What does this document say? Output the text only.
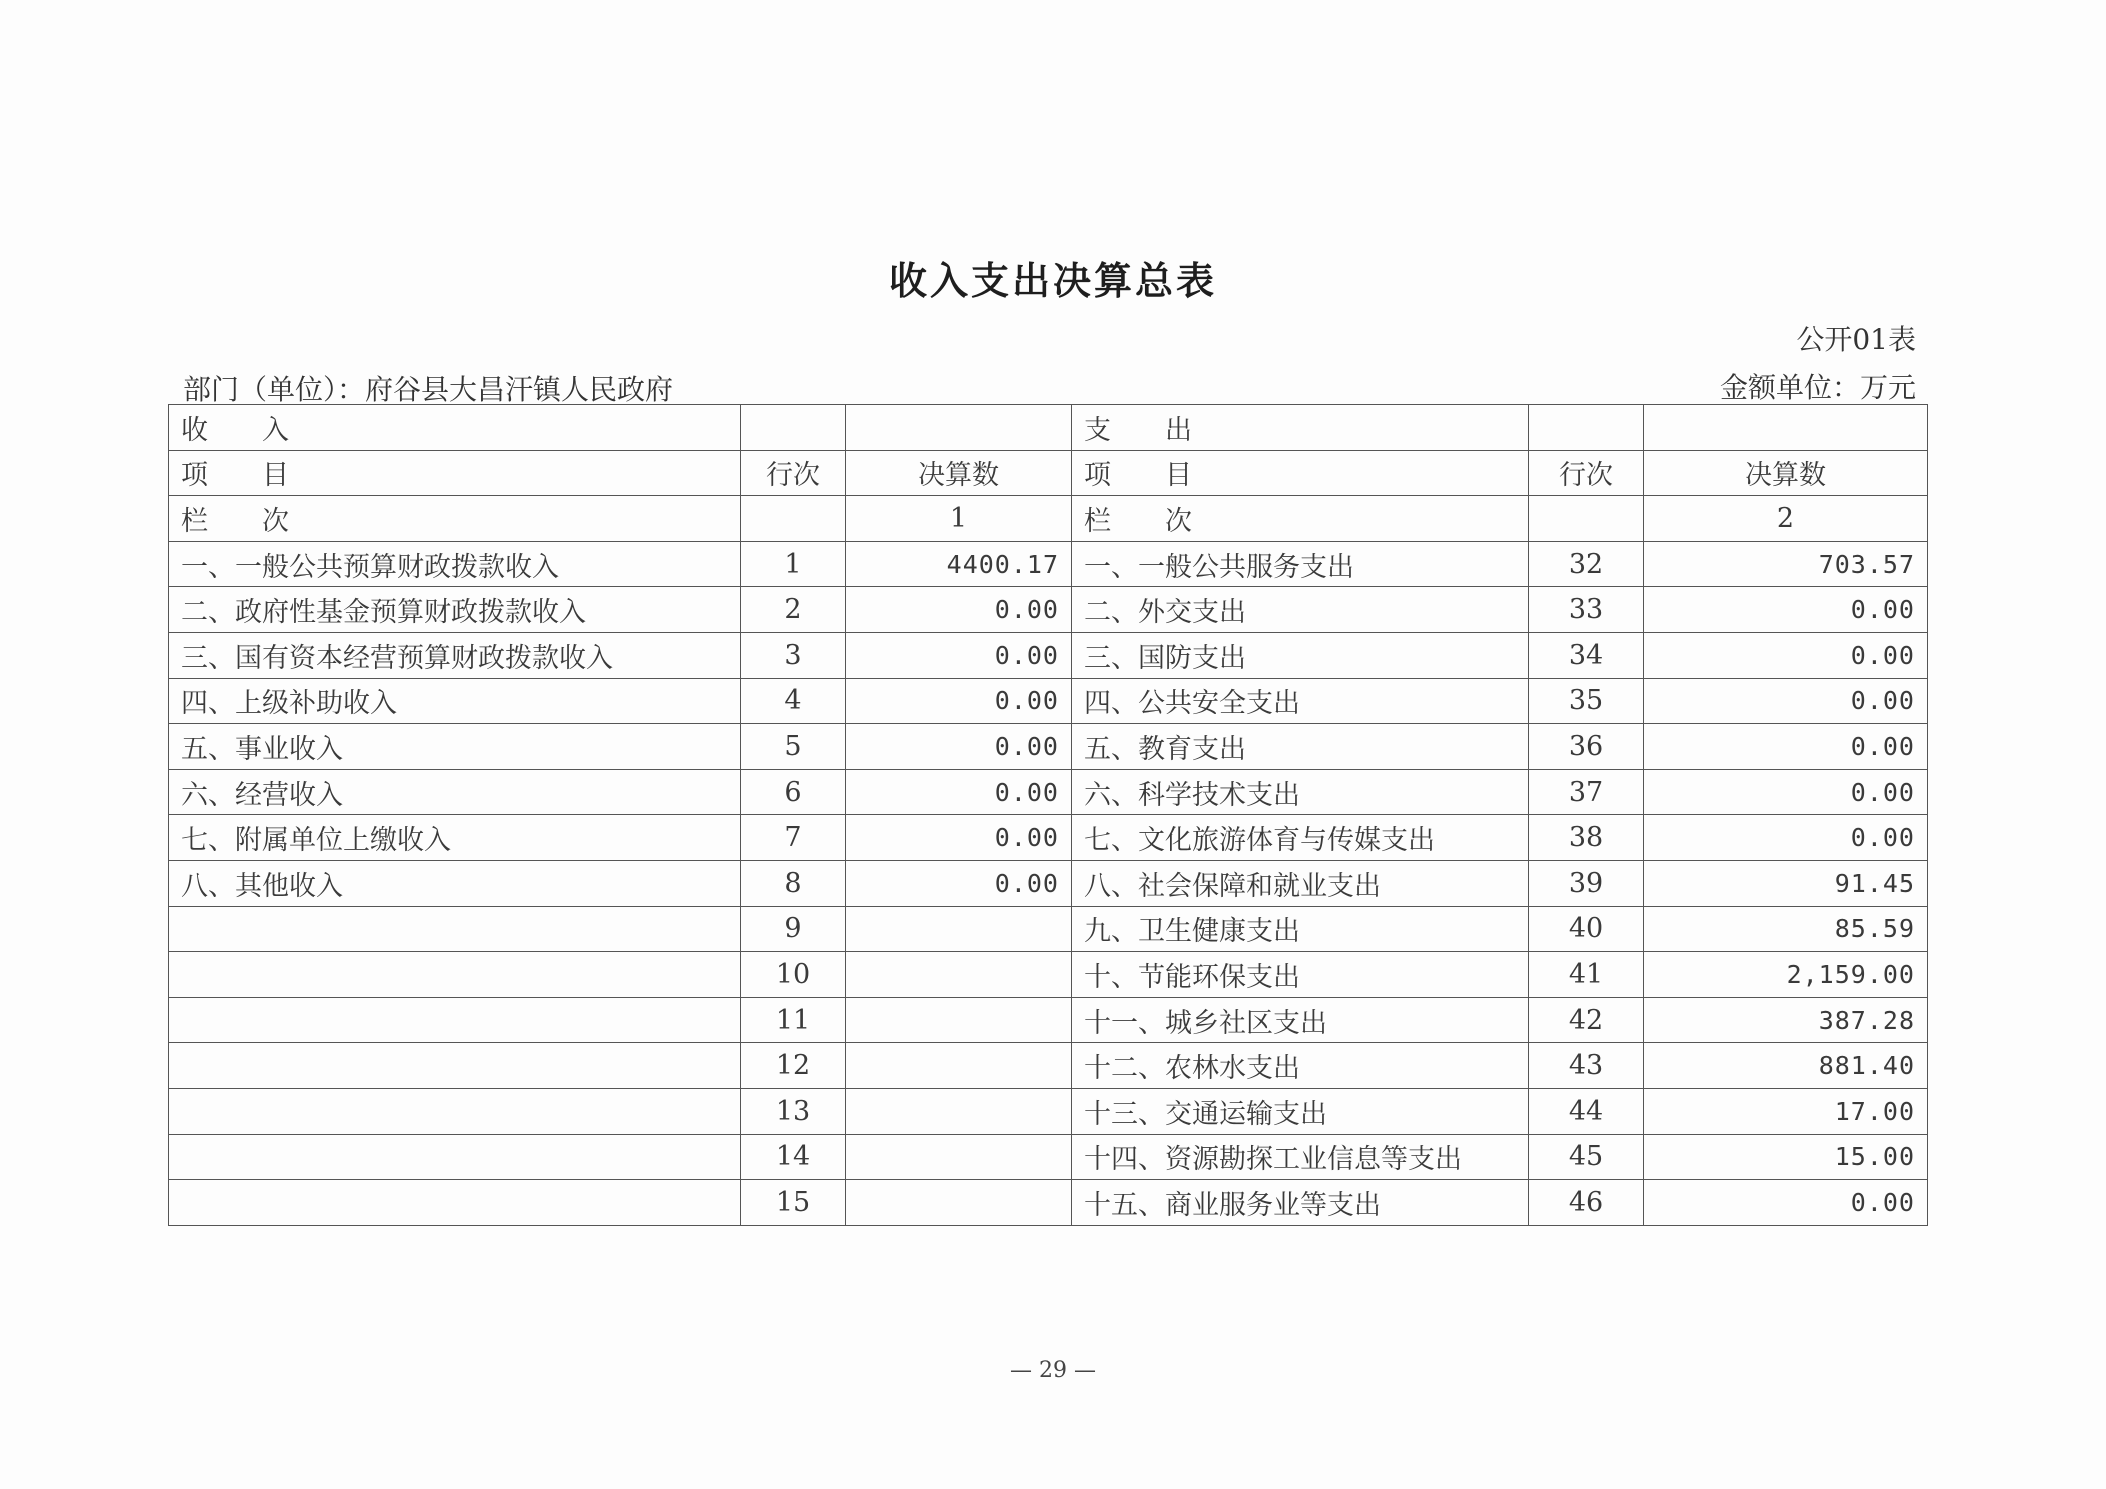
收入支出决算总表
公开01表
部门（单位）：府谷县大昌汗镇人民政府	金额单位：万元
收　　入			支　　出		
项　　目	行次	决算数	项　　目	行次	决算数
栏　　次		1	栏　　次		2
一、一般公共预算财政拨款收入	1	4400.17	一、一般公共服务支出	32	703.57
二、政府性基金预算财政拨款收入	2	0.00	二、外交支出	33	0.00
三、国有资本经营预算财政拨款收入	3	0.00	三、国防支出	34	0.00
四、上级补助收入	4	0.00	四、公共安全支出	35	0.00
五、事业收入	5	0.00	五、教育支出	36	0.00
六、经营收入	6	0.00	六、科学技术支出	37	0.00
七、附属单位上缴收入	7	0.00	七、文化旅游体育与传媒支出	38	0.00
八、其他收入	8	0.00	八、社会保障和就业支出	39	91.45
	9		九、卫生健康支出	40	85.59
	10		十、节能环保支出	41	2,159.00
	11		十一、城乡社区支出	42	387.28
	12		十二、农林水支出	43	881.40
	13		十三、交通运输支出	44	17.00
	14		十四、资源勘探工业信息等支出	45	15.00
	15		十五、商业服务业等支出	46	0.00
— 29 —
